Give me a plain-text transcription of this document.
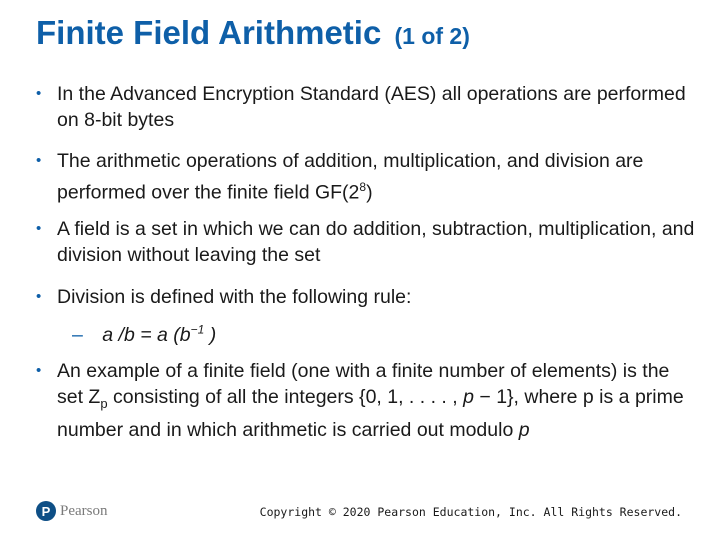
Finite Field Arithmetic (1 of 2)
• In the Advanced Encryption Standard (AES) all operations are performed on 8-bit bytes
• The arithmetic operations of addition, multiplication, and division are performed over the finite field $GF(2^8)$
• A field is a set in which we can do addition, subtraction, multiplication, and division without leaving the set
• Division is defined with the following rule:
– a /b = a ($b^{-1}$ )
• An example of a finite field (one with a finite number of elements) is the set $Z_p$ consisting of all the integers {0, 1, . . . . , p − 1}, where p is a prime number and in which arithmetic is carried out modulo p
P Pearson	Copyright © 2020 Pearson Education, Inc. All Rights Reserved.
